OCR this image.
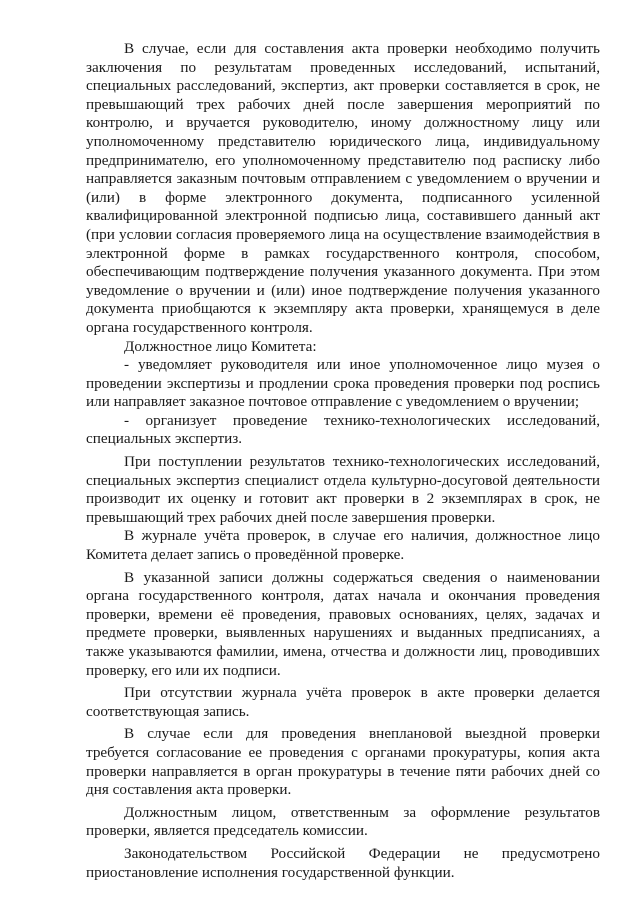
В случае, если для составления акта проверки необходимо получить заключения по результатам проведенных исследований, испытаний, специальных расследований, экспертиз, акт проверки составляется в срок, не превышающий трех рабочих дней после завершения мероприятий по контролю, и вручается руководителю, иному должностному лицу или уполномоченному представителю юридического лица, индивидуальному предпринимателю, его уполномоченному представителю под расписку либо направляется заказным почтовым отправлением с уведомлением о вручении и (или) в форме электронного документа, подписанного усиленной квалифицированной электронной подписью лица, составившего данный акт (при условии согласия проверяемого лица на осуществление взаимодействия в электронной форме в рамках государственного контроля, способом, обеспечивающим подтверждение получения указанного документа. При этом уведомление о вручении и (или) иное подтверждение получения указанного документа приобщаются к экземпляру акта проверки, хранящемуся в деле органа государственного контроля.

Должностное лицо Комитета:

- уведомляет руководителя или иное уполномоченное лицо музея о проведении экспертизы и продлении срока проведения проверки под роспись или направляет заказное почтовое отправление с уведомлением о вручении;

- организует проведение технико-технологических исследований, специальных экспертиз.

При поступлении результатов технико-технологических исследований, специальных экспертиз специалист отдела культурно-досуговой деятельности производит их оценку и готовит акт проверки в 2 экземплярах в срок, не превышающий трех рабочих дней после завершения проверки.

В журнале учёта проверок, в случае его наличия, должностное лицо Комитета делает запись о проведённой проверке.

В указанной записи должны содержаться сведения о наименовании органа государственного контроля, датах начала и окончания проведения проверки, времени её проведения, правовых основаниях, целях, задачах и предмете проверки, выявленных нарушениях и выданных предписаниях, а также указываются фамилии, имена, отчества и должности лиц, проводивших проверку, его или их подписи.

При отсутствии журнала учёта проверок в акте проверки делается соответствующая запись.

В случае если для проведения внеплановой выездной проверки требуется согласование ее проведения с органами прокуратуры, копия акта проверки направляется в орган прокуратуры в течение пяти рабочих дней со дня составления акта проверки.

Должностным лицом, ответственным за оформление результатов проверки, является председатель комиссии.

Законодательством Российской Федерации не предусмотрено приостановление исполнения государственной функции.
